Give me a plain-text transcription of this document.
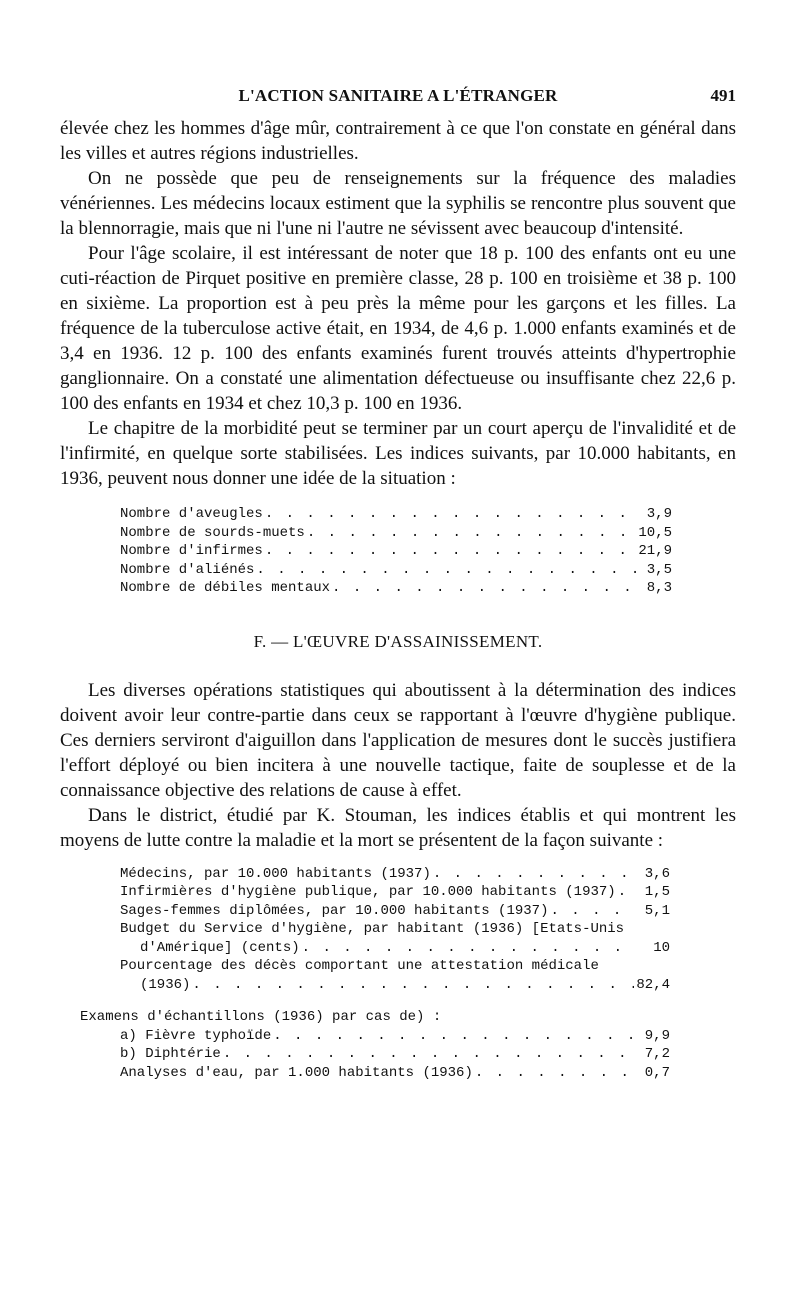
L'ACTION SANITAIRE A L'ÉTRANGER	491

élevée chez les hommes d'âge mûr, contrairement à ce que l'on constate en général dans les villes et autres régions industrielles.

On ne possède que peu de renseignements sur la fréquence des maladies vénériennes. Les médecins locaux estiment que la syphilis se rencontre plus souvent que la blennorragie, mais que ni l'une ni l'autre ne sévissent avec beaucoup d'intensité.

Pour l'âge scolaire, il est intéressant de noter que 18 p. 100 des enfants ont eu une cuti-réaction de Pirquet positive en première classe, 28 p. 100 en troisième et 38 p. 100 en sixième. La proportion est à peu près la même pour les garçons et les filles. La fréquence de la tuberculose active était, en 1934, de 4,6 p. 1.000 enfants examinés et de 3,4 en 1936. 12 p. 100 des enfants examinés furent trouvés atteints d'hypertrophie ganglionnaire. On a constaté une alimentation défectueuse ou insuffisante chez 22,6 p. 100 des enfants en 1934 et chez 10,3 p. 100 en 1936.

Le chapitre de la morbidité peut se terminer par un court aperçu de l'invalidité et de l'infirmité, en quelque sorte stabilisées. Les indices suivants, par 10.000 habitants, en 1936, peuvent nous donner une idée de la situation :

Nombre d'aveugles . . .	3,9
Nombre de sourds-muets . . .	10,5
Nombre d'infirmes . . .	21,9
Nombre d'aliénés . . .	3,5
Nombre de débiles mentaux . . .	8,3
F. — L'ŒUVRE D'ASSAINISSEMENT.

Les diverses opérations statistiques qui aboutissent à la détermination des indices doivent avoir leur contre-partie dans ceux se rapportant à l'œuvre d'hygiène publique. Ces derniers serviront d'aiguillon dans l'application de mesures dont le succès justifiera l'effort déployé ou bien incitera à une nouvelle tactique, faite de souplesse et de la connaissance objective des relations de cause à effet.

Dans le district, étudié par K. Stouman, les indices établis et qui montrent les moyens de lutte contre la maladie et la mort se présentent de la façon suivante :

Médecins, par 10.000 habitants (1937) . . .	3,6
Infirmières d'hygiène publique, par 10.000 habitants (1937) . . .	1,5
Sages-femmes diplômées, par 10.000 habitants (1937) . . .	5,1
Budget du Service d'hygiène, par habitant (1936) [Etats-Unis
d'Amérique] (cents) . . .	10
Pourcentage des décès comportant une attestation médicale
(1936) . . .	82,4
Examens d'échantillons (1936) par cas de) :
a) Fièvre typhoïde . . .	9,9
b) Diphtérie . . .	7,2
Analyses d'eau, par 1.000 habitants (1936) . . .	0,7
